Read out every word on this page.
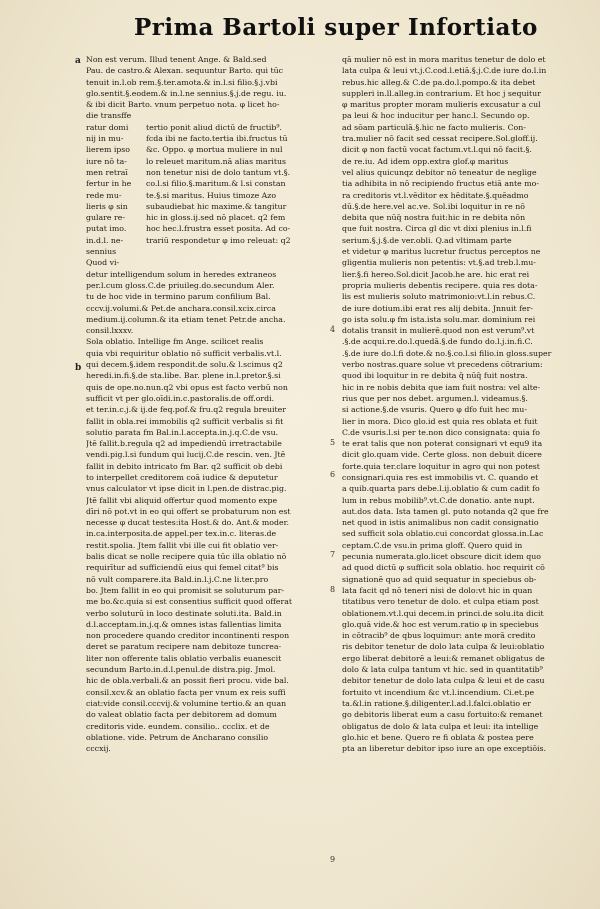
Prima Bartoli super Infortiato
a
b
4
5
6
7
8
9
Non est verum. Illud tenent Ange. & Bald.sed
Pau. de castro.& Alexan. sequuntur Barto. qui tūc
tenuit in.l.ob rem.§.ter.amota.& in.l.si filio.§.j.vbi
glo.sentit.§.eodem.& in.l.ne sennius.§.j.de regu. iu.
& ibi dicit Barto. vnum perpetuo nota. φ licet ho-
die transffe
ratur domi
nij in mu-
lierem ipso
iure nō ta-
men retraī
fertur in he
rede mu-
lieris φ sin
gulare re-
putat imo.
in.d.l. ne-
sennius
tertio ponit aliud dictū de fructib⁹.
fcda ibi ne facto.tertia ibi.fructus tū
&c. Oppo. φ mortua muliere in nul
lo releuet maritum.nā alias maritus
non tenetur nisi de dolo tantum vt.§.
co.l.si filio.§.maritum.& l.si constan
te.§.si maritus. Huius timoze Azo
subaudiebat hic maxime.& tangitur
hic in gloss.ij.sed nō placet. q2 fem
hoc hec.l.frustra esset posita. Ad co-
trariū respondetur φ imo releuat: q2
Quod vi-
detur intelligendum solum in heredes extraneos
per.l.cum gloss.C.de priuileg.do.secundum Aler.
tu de hoc vide in termino parum confilium Bal.
cccv.ij.volumi.& Pet.de anchara.consil.xcix.circa
medium.ij.column.& ita etiam tenet Petr.de ancha.
consil.lxxxv.
Sola oblatio. Intellige fm Ange. scilicet realis
quia vbi requiritur oblatio nō sufficit verbalis.vt.l.
qui decem.§.idem respondit.de solu.& l.scimus q2
heredi.in.fi.§.de sta.libe. Bar. plene in.l.pretor.§.si
quis de ope.no.nun.q2 vbi opus est facto verbū non
sufficit vt per glo.oīdi.in.c.pastoralis.de off.ordi.
et ter.in.c.j.& ij.de feq.pof.& fru.q2 regula breuiter
fallit in obla.rei immobilis q2 sufficit verbalis si fit
solutio parata fm Bal.in.l.accepta.in.j.q.C.de vsu.
Jtē fallit.b.regula q2 ad impediendū irretractabile
vendi.pig.l.si fundum qui lucij.C.de rescin. ven. Jtē
fallit in debito intricato fm Bar. q2 sufficit ob debi
to interpellet creditorem coā iudice & deputetur
vnus calculator vt ipse dicit in l.pen.de distrac.pig.
Jtē fallit vbi aliquid offertur quod momento expe
dīri nō pot.vt in eo qui offert se probaturum non est
necesse φ ducat testes:ita Host.& do. Ant.& moder.
in.ca.interposita.de appel.per tex.in.c. literas.de
restit.spolia. Jtem fallit vbi ille cui fit oblatio ver-
balis dicat se nolle recipere quia tūc illa oblatio nō
requirītur ad sufficiendū eius qui femel citat⁹ bis
nō vult comparere.ita Bald.in.l.j.C.ne li.ter.pro
bo. Jtem fallit in eo qui promisit se soluturum par-
me bo.&c.quia si est consentius sufficit quod offerat
verbo soluturū in loco destinate soluti.ita. Bald.in
d.l.acceptam.in.j.q.& omnes istas fallentias limita
non procedere quando creditor incontinenti respon
deret se paratum recipere nam debitoze tuncrea-
liter non offerente talis oblatio verbalis euanescit
secundum Barto.in.d.l.penul.de distra.pig. Jmol.
hic de obla.verbali.& an possit fieri procu. vide bal.
consil.xcv.& an oblatio facta per vnum ex reis suffi
ciat:vide consil.cccvij.& volumine tertio.& an quan
do valeat oblatio facta per debitorem ad domum
creditoris vide. eundem. consilio.. ccclix. et de
oblatione. vide. Petrum de Ancharano consilio
cccxij.
qā mulier nō est in mora maritus tenetur de dolo et
lata culpa & leui vt.j.C.cod.l.etiā.§.j.C.de iure do.l.in
rebus.hic alleg.& C.de pa.do.l.pompo.& ita debet
suppleri in.ll.alleg.in contrarium. Et hoc j sequitur
φ maritus propter moram mulieris excusatur a cul
pa leui & hoc inducitur per hanc.l. Secundo op.
ad sōam particulā.§.hic ne facto mulieris. Con-
tra.mulier nō facit sed cessat recipere.Sol.gloff.ij.
dicit φ non factū vocat factum.vt.l.qui nō facit.§.
de re.iu. Ad idem opp.extra glof.φ maritus
vel alius quicunqz debitor nō teneatur de neglige
tia adhibita in nō recipiendo fructus etiā ante mo-
ra creditoris vt.l.vēditor ex hēditate.§.quēadmo
dū.§.de here.vel ac.ve. Sol.ibi loquitur in re nō
debita que nūq̄ nostra fuit:hic in re debita nōn
que fuit nostra. Circa gl dic vt dixi plenius in.l.fi
serium.§.j.§.de ver.obli. Q.ad vltimam parte
et videtur φ maritus lucretur fructus perceptos ne
gligentia mulieris non petentis: vt.§.ad treb.l.mu-
lier.§.fi hereo.Sol.dicit Jacob.he are. hic erat rei
propria mulieris debentis recipere. quia res dota-
lis est mulieris soluto matrimonio:vt.l.in rebus.C.
de iure dotium.ibi erat res alij debita. Jnnuit fer-
go ista solu.φ fm ista.ista solu.mar. dominium rei
dotalis transit in mulierē.quod non est verum⁹.vt
.§.de acqui.re.do.l.quedā.§.de fundo do.l.j.in.fi.C.
.§.de iure do.l.fi dote.& no.§.co.l.si filio.in gloss.super
verbo nostras.quare solue vt precedens cōtrarium:
quod ibi loquitur in re debita q̄ nūq̄ fuit nostra.
hic in re nobis debita que iam fuit nostra: vel alte-
rius que per nos debet. argumen.l. videamus.§.
si actione.§.de vsuris. Quero φ dfo fuit hec mu-
lier in mora. Dico glo.id est quia res oblata et fuit
C.de vsuris.l.si per te.non dico consignata: quia fo
te erat talis que non poterat consignari vt equ9 ita
dicit glo.quam vide. Certe gloss. non debuit dicere
forte.quia ter.clare loquitur in agro qui non potest
consignari.quia res est immobilis vt. C. quando et
a quib.quarta pars debe.l.ij.oblatio & cum cadit fo
lum in rebus mobilib⁹.vt.C.de donatio. ante nupt.
aut.dos data. Ista tamen gl. puto notanda q2 que fre
net quod in istis animalibus non cadit consignatio
sed sufficit sola oblatio.cui concordat glossa.in.Lac
ceptam.C.de vsu.in prima gloff. Quero quid in
pecunia numerata.glo.licet obscure dicit idem quo
ad quod dictū φ sufficit sola oblatio. hoc requirit cō
signationē quo ad quid sequatur in speciebus ob-
lata facit qd nō teneri nisi de dolo:vt hic in quan
titatibus vero tenetur de dolo. et culpa etiam post
oblationem.vt.l.qui decem.in princi.de solu.ita dicit
glo.quā vide.& hoc est verum.ratio φ in speciebus
in cōtracib⁹ de qbus loquimur: ante morā credito
ris debitor tenetur de dolo lata culpa & leui:oblatio
ergo liberat debitorē a leui:& remanet obligatus de
dolo & lata culpa tantum vt hic. sed in quantitatib⁹
debitor tenetur de dolo lata culpa & leui et de casu
fortuito vt incendium &c vt.l.incendium. Ci.et.pe
ta.&l.in ratione.§.diligenter.l.ad.l.falci.oblatio er
go debitoris liberat eum a casu fortuito:& remanet
obligatus de dolo & lata culpa et leui: ita intellige
glo.hic et bene. Quero re fi oblata & postea pere
pta an liberetur debitor ipso iure an ope exceptiōis.
